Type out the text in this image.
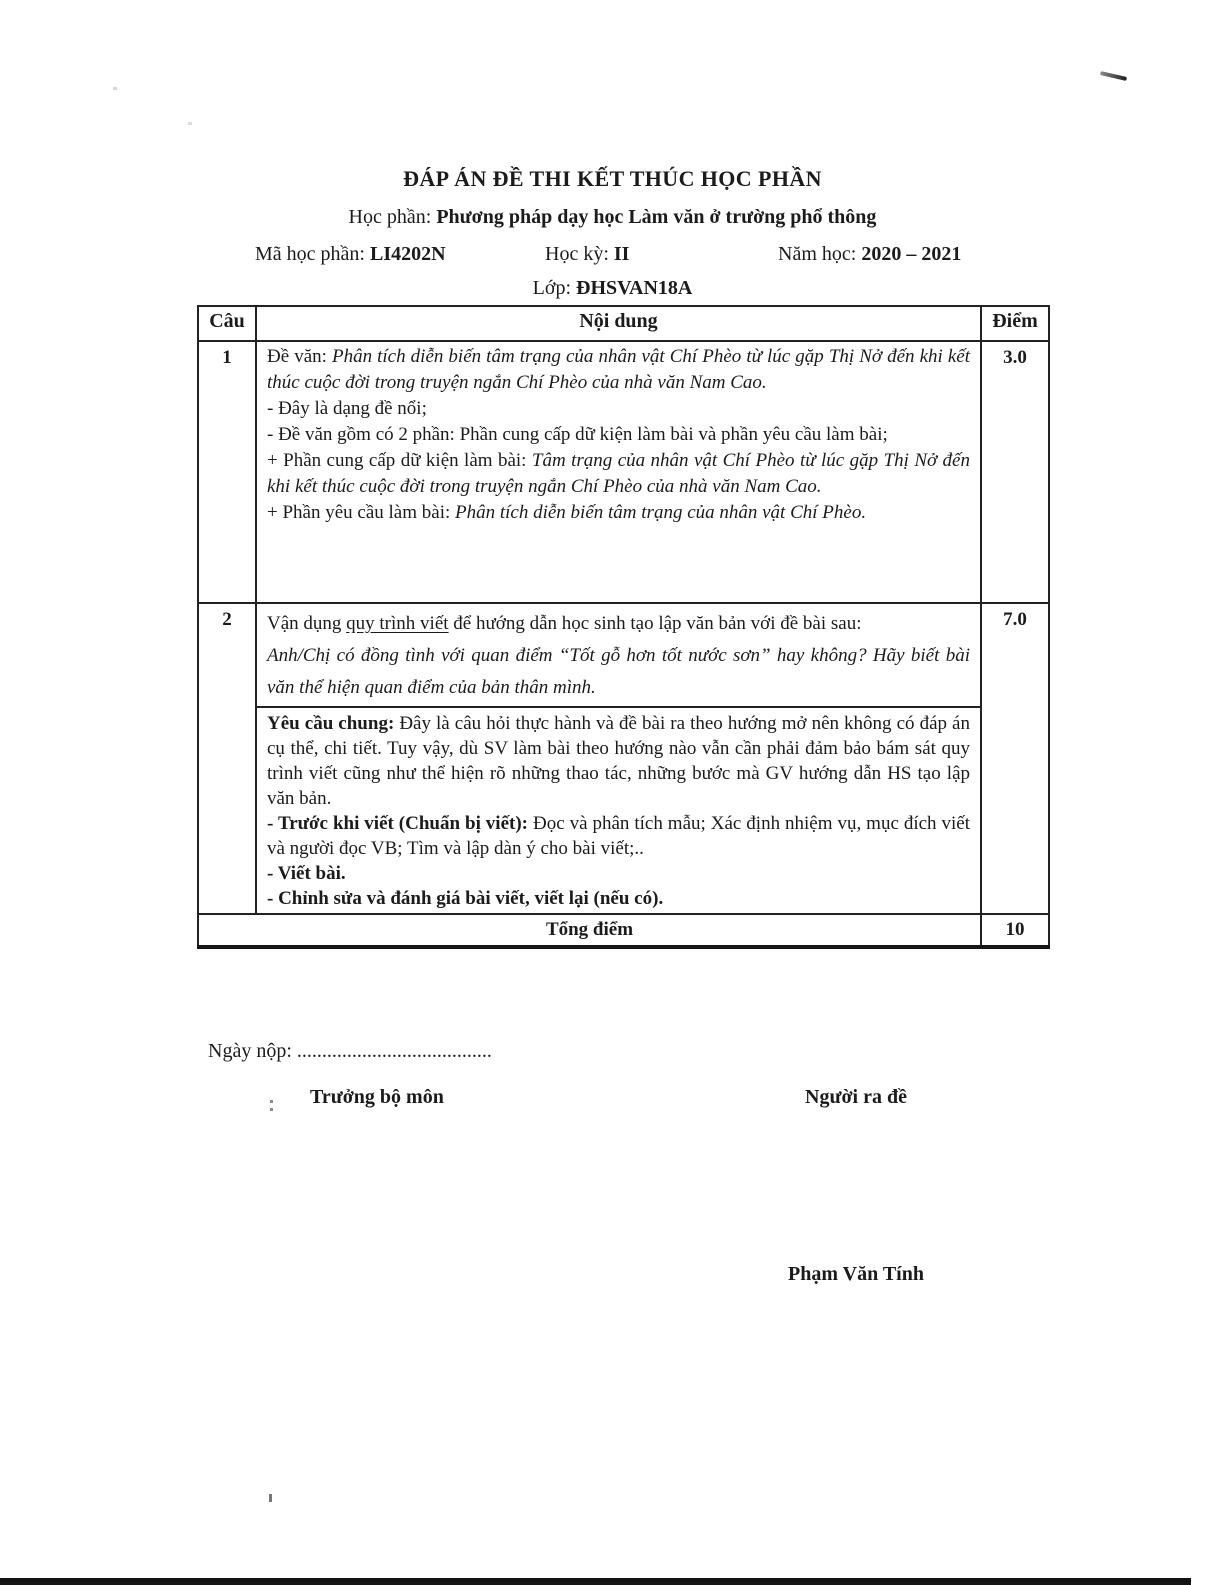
ĐÁP ÁN ĐỀ THI KẾT THÚC HỌC PHẦN
Học phần: Phương pháp dạy học Làm văn ở trường phổ thông
Mã học phần: LI4202N	Học kỳ: II	Năm học: 2020 – 2021
Lớp: ĐHSVAN18A
Câu	Nội dung	Điểm
1	Đề văn: Phân tích diễn biến tâm trạng của nhân vật Chí Phèo từ lúc gặp Thị Nở đến khi kết thúc cuộc đời trong truyện ngắn Chí Phèo của nhà văn Nam Cao.

- Đây là dạng đề nổi;

- Đề văn gồm có 2 phần: Phần cung cấp dữ kiện làm bài và phần yêu cầu làm bài;

+ Phần cung cấp dữ kiện làm bài: Tâm trạng của nhân vật Chí Phèo từ lúc gặp Thị Nở đến khi kết thúc cuộc đời trong truyện ngắn Chí Phèo của nhà văn Nam Cao.

+ Phần yêu cầu làm bài: Phân tích diễn biến tâm trạng của nhân vật Chí Phèo.	3.0
2	Vận dụng quy trình viết để hướng dẫn học sinh tạo lập văn bản với đề bài sau:

Anh/Chị có đồng tình với quan điểm “Tốt gỗ hơn tốt nước sơn” hay không? Hãy biết bài văn thể hiện quan điểm của bản thân mình.

Yêu cầu chung: Đây là câu hỏi thực hành và đề bài ra theo hướng mở nên không có đáp án cụ thể, chi tiết. Tuy vậy, dù SV làm bài theo hướng nào vẫn cần phải đảm bảo bám sát quy trình viết cũng như thể hiện rõ những thao tác, những bước mà GV hướng dẫn HS tạo lập văn bản.

- Trước khi viết (Chuẩn bị viết): Đọc và phân tích mẫu; Xác định nhiệm vụ, mục đích viết và người đọc VB; Tìm và lập dàn ý cho bài viết;..

- Viết bài.

- Chỉnh sửa và đánh giá bài viết, viết lại (nếu có).

	7.0
Tổng điểm		10
Ngày nộp: .......................................
Trưởng bộ môn	Người ra đề
Phạm Văn Tính
